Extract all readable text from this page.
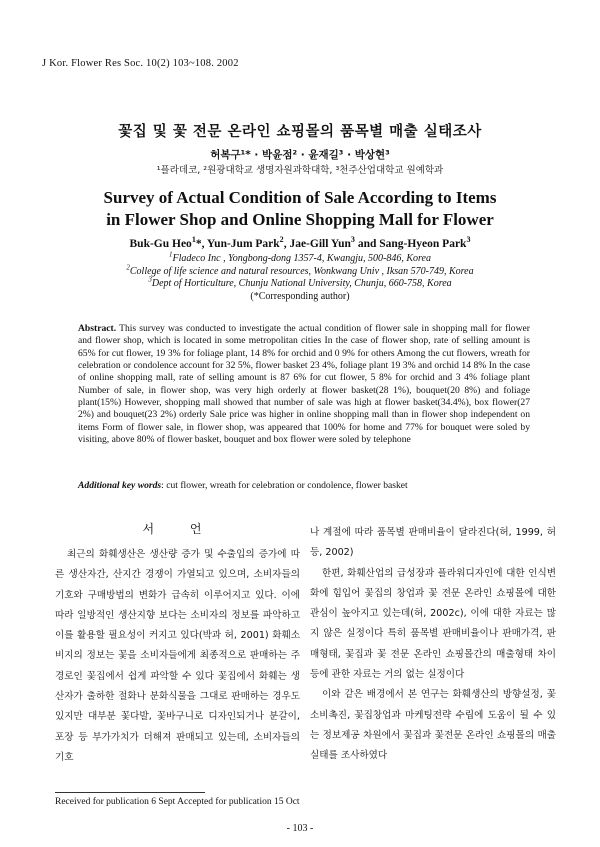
J Kor. Flower Res Soc. 10(2) 103~108. 2002
꽃집 및 꽃 전문 온라인 쇼핑몰의 품목별 매출 실태조사
허복구¹* · 박윤점² · 윤재길³ · 박상현³
¹플라데코, ²원광대학교 생명자원과학대학, ³천주산업대학교 원예학과
Survey of Actual Condition of Sale According to Items
in Flower Shop and Online Shopping Mall for Flower
Buk-Gu Heo$^1$*, Yun-Jum Park$^2$, Jae-Gill Yun$^3$ and Sang-Hyeon Park$^3$
$^1$Fladeco Inc , Yongbong-dong 1357-4, Kwangju, 500-846, Korea
$^2$College of life science and natural resources, Wonkwang Univ , Iksan 570-749, Korea
$^3$Dept of Horticulture, Chunju National University, Chunju, 660-758, Korea
(*Corresponding author)
Abstract. This survey was conducted to investigate the actual condition of flower sale in shopping mall for flower and flower shop, which is located in some metropolitan cities In the case of flower shop, rate of selling amount is 65% for cut flower, 19 3% for foliage plant, 14 8% for orchid and 0 9% for others Among the cut flowers, wreath for celebration or condolence account for 32 5%, flower basket 23 4%, foliage plant 19 3% and orchid 14 8% In the case of online shopping mall, rate of selling amount is 87 6% for cut flower, 5 8% for orchid and 3 4% foliage plant Number of sale, in flower shop, was very high orderly at flower basket(28 1%), bouquet(20 8%) and foliage plant(15%) However, shopping mall showed that number of sale was high at flower basket(34.4%), box flower(27 2%) and bouquet(23 2%) orderly Sale price was higher in online shopping mall than in flower shop independent on items Form of flower sale, in flower shop, was appeared that 100% for home and 77% for bouquet were soled by visiting, above 80% of flower basket, bouquet and box flower were soled by telephone
Additional key words: cut flower, wreath for celebration or condolence, flower basket
서 언

최근의 화훼생산은 생산량 증가 및 수출입의 증가에 따른 생산자간, 산지간 경쟁이 가열되고 있으며, 소비자들의 기호와 구매방법의 변화가 급속히 이루어지고 있다. 이에 따라 일방적인 생산지향 보다는 소비자의 정보를 파악하고 이를 활용할 필요성이 커지고 있다(박과 허, 2001) 화훼소비지의 정보는 꽃을 소비자들에게 최종적으로 판매하는 주 경로인 꽃집에서 쉽게 파악할 수 있다 꽃집에서 화훼는 생산자가 출하한 절화나 분화식물을 그대로 판매하는 경우도 있지만 대부분 꽃다발, 꽃바구니로 디자인되거나 분갈이, 포장 등 부가가치가 더해져 판매되고 있는데, 소비자들의 기호

나 계절에 따라 품목별 판매비율이 달라진다(허, 1999, 허 등, 2002)

한편, 화훼산업의 급성장과 플라워디자인에 대한 인식변화에 힘입어 꽃집의 창업과 꽃 전문 온라인 쇼핑몰에 대한 관심이 높아지고 있는데(허, 2002c), 이에 대한 자료는 많지 않은 실정이다 특히 품목별 판매비율이나 판매가격, 판매형태, 꽃집과 꽃 전문 온라인 쇼핑몰간의 매출형태 차이 등에 관한 자료는 거의 없는 실정이다

이와 같은 배경에서 본 연구는 화훼생산의 방향설정, 꽃 소비촉진, 꽃집창업과 마케팅전략 수립에 도움이 될 수 있는 정보제공 차원에서 꽃집과 꽃전문 온라인 쇼핑몰의 매출 실태를 조사하였다

Received for publication 6 Sept Accepted for publication 15 Oct
- 103 -
